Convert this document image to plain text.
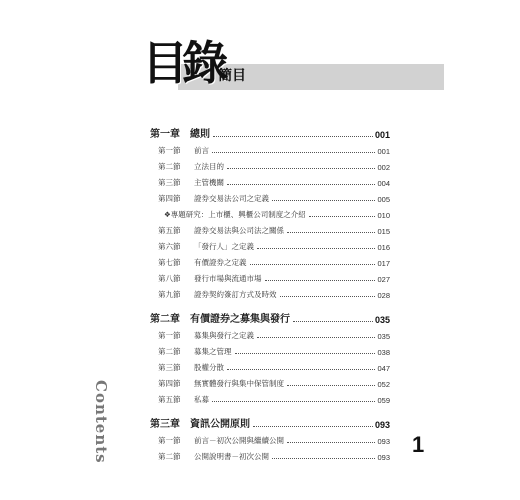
目錄
簡目
Contents
第一章 總則	001
第一節 前言	001
第二節 立法目的	002
第三節 主管機關	004
第四節 證券交易法公司之定義	005
❖專題研究：上市櫃、興櫃公司制度之介紹	010
第五節 證券交易法與公司法之關係	015
第六節 「發行人」之定義	016
第七節 有價證券之定義	017
第八節 發行市場與流通市場	027
第九節 證券契約簽訂方式及時效	028
第二章 有價證券之募集與發行	035
第一節 募集與發行之定義	035
第二節 募集之管理	038
第三節 股權分散	047
第四節 無實體發行與集中保管制度	052
第五節 私募	059
第三章 資訊公開原則	093
第一節 前言－初次公開與繼續公開	093
第二節 公開說明書－初次公開	093
1
